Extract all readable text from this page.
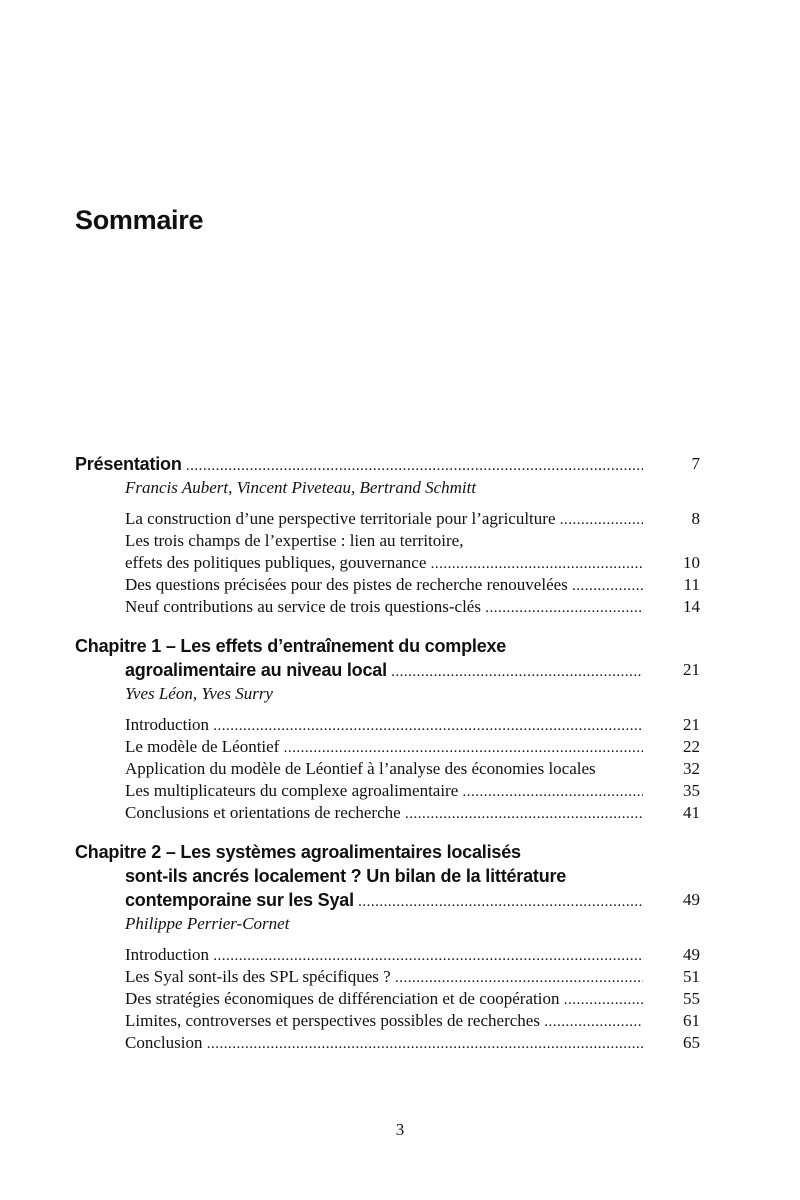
Sommaire
Présentation .....	7
Francis Aubert, Vincent Piveteau, Bertrand Schmitt
La construction d’une perspective territoriale pour l’agriculture .....	8
Les trois champs de l’expertise : lien au territoire,
effets des politiques publiques, gouvernance .....	10
Des questions précisées pour des pistes de recherche renouvelées .....	11
Neuf contributions au service de trois questions-clés .....	14
Chapitre 1 – Les effets d’entraînement du complexe
agroalimentaire au niveau local .....	21
Yves Léon, Yves Surry
Introduction .....	21
Le modèle de Léontief .....	22
Application du modèle de Léontief à l’analyse des économies locales	32
Les multiplicateurs du complexe agroalimentaire .....	35
Conclusions et orientations de recherche .....	41
Chapitre 2 – Les systèmes agroalimentaires localisés
sont-ils ancrés localement ? Un bilan de la littérature
contemporaine sur les Syal .....	49
Philippe Perrier-Cornet
Introduction .....	49
Les Syal sont-ils des SPL spécifiques ? .....	51
Des stratégies économiques de différenciation et de coopération .....	55
Limites, controverses et perspectives possibles de recherches .....	61
Conclusion .....	65
3
